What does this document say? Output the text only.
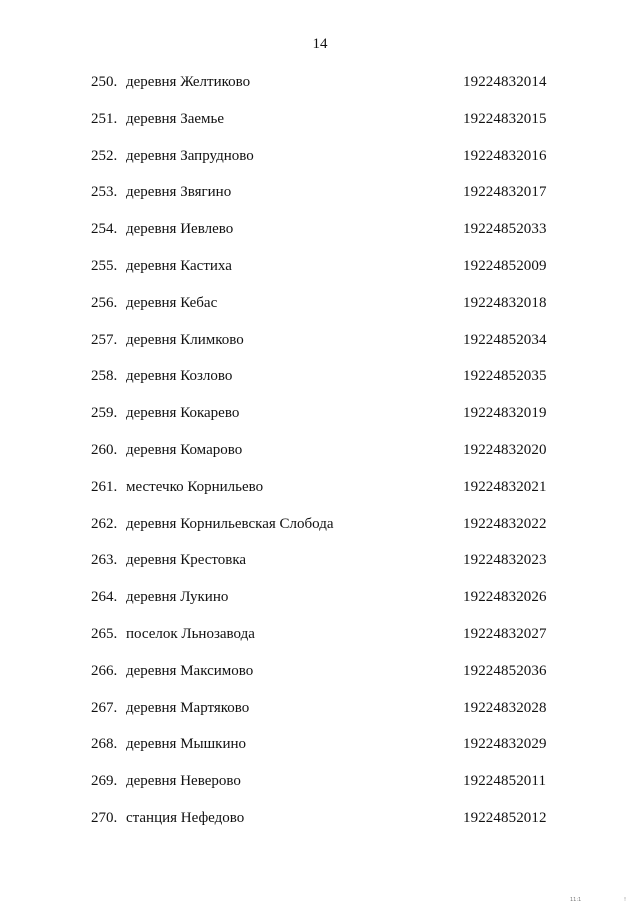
14
250. деревня Желтиково	19224832014
251. деревня Заемье	19224832015
252. деревня Запрудново	19224832016
253. деревня Звягино	19224832017
254. деревня Иевлево	19224852033
255. деревня Кастиха	19224852009
256. деревня Кебас	19224832018
257. деревня Климково	19224852034
258. деревня Козлово	19224852035
259. деревня Кокарево	19224832019
260. деревня Комарово	19224832020
261. местечко Корнильево	19224832021
262. деревня Корнильевская Слобода	19224832022
263. деревня Крестовка	19224832023
264. деревня Лукино	19224832026
265. поселок Льнозавода	19224832027
266. деревня Максимово	19224852036
267. деревня Мартяково	19224832028
268. деревня Мышкино	19224832029
269. деревня Неверово	19224852011
270. станция Нефедово	19224852012
11:1	!
